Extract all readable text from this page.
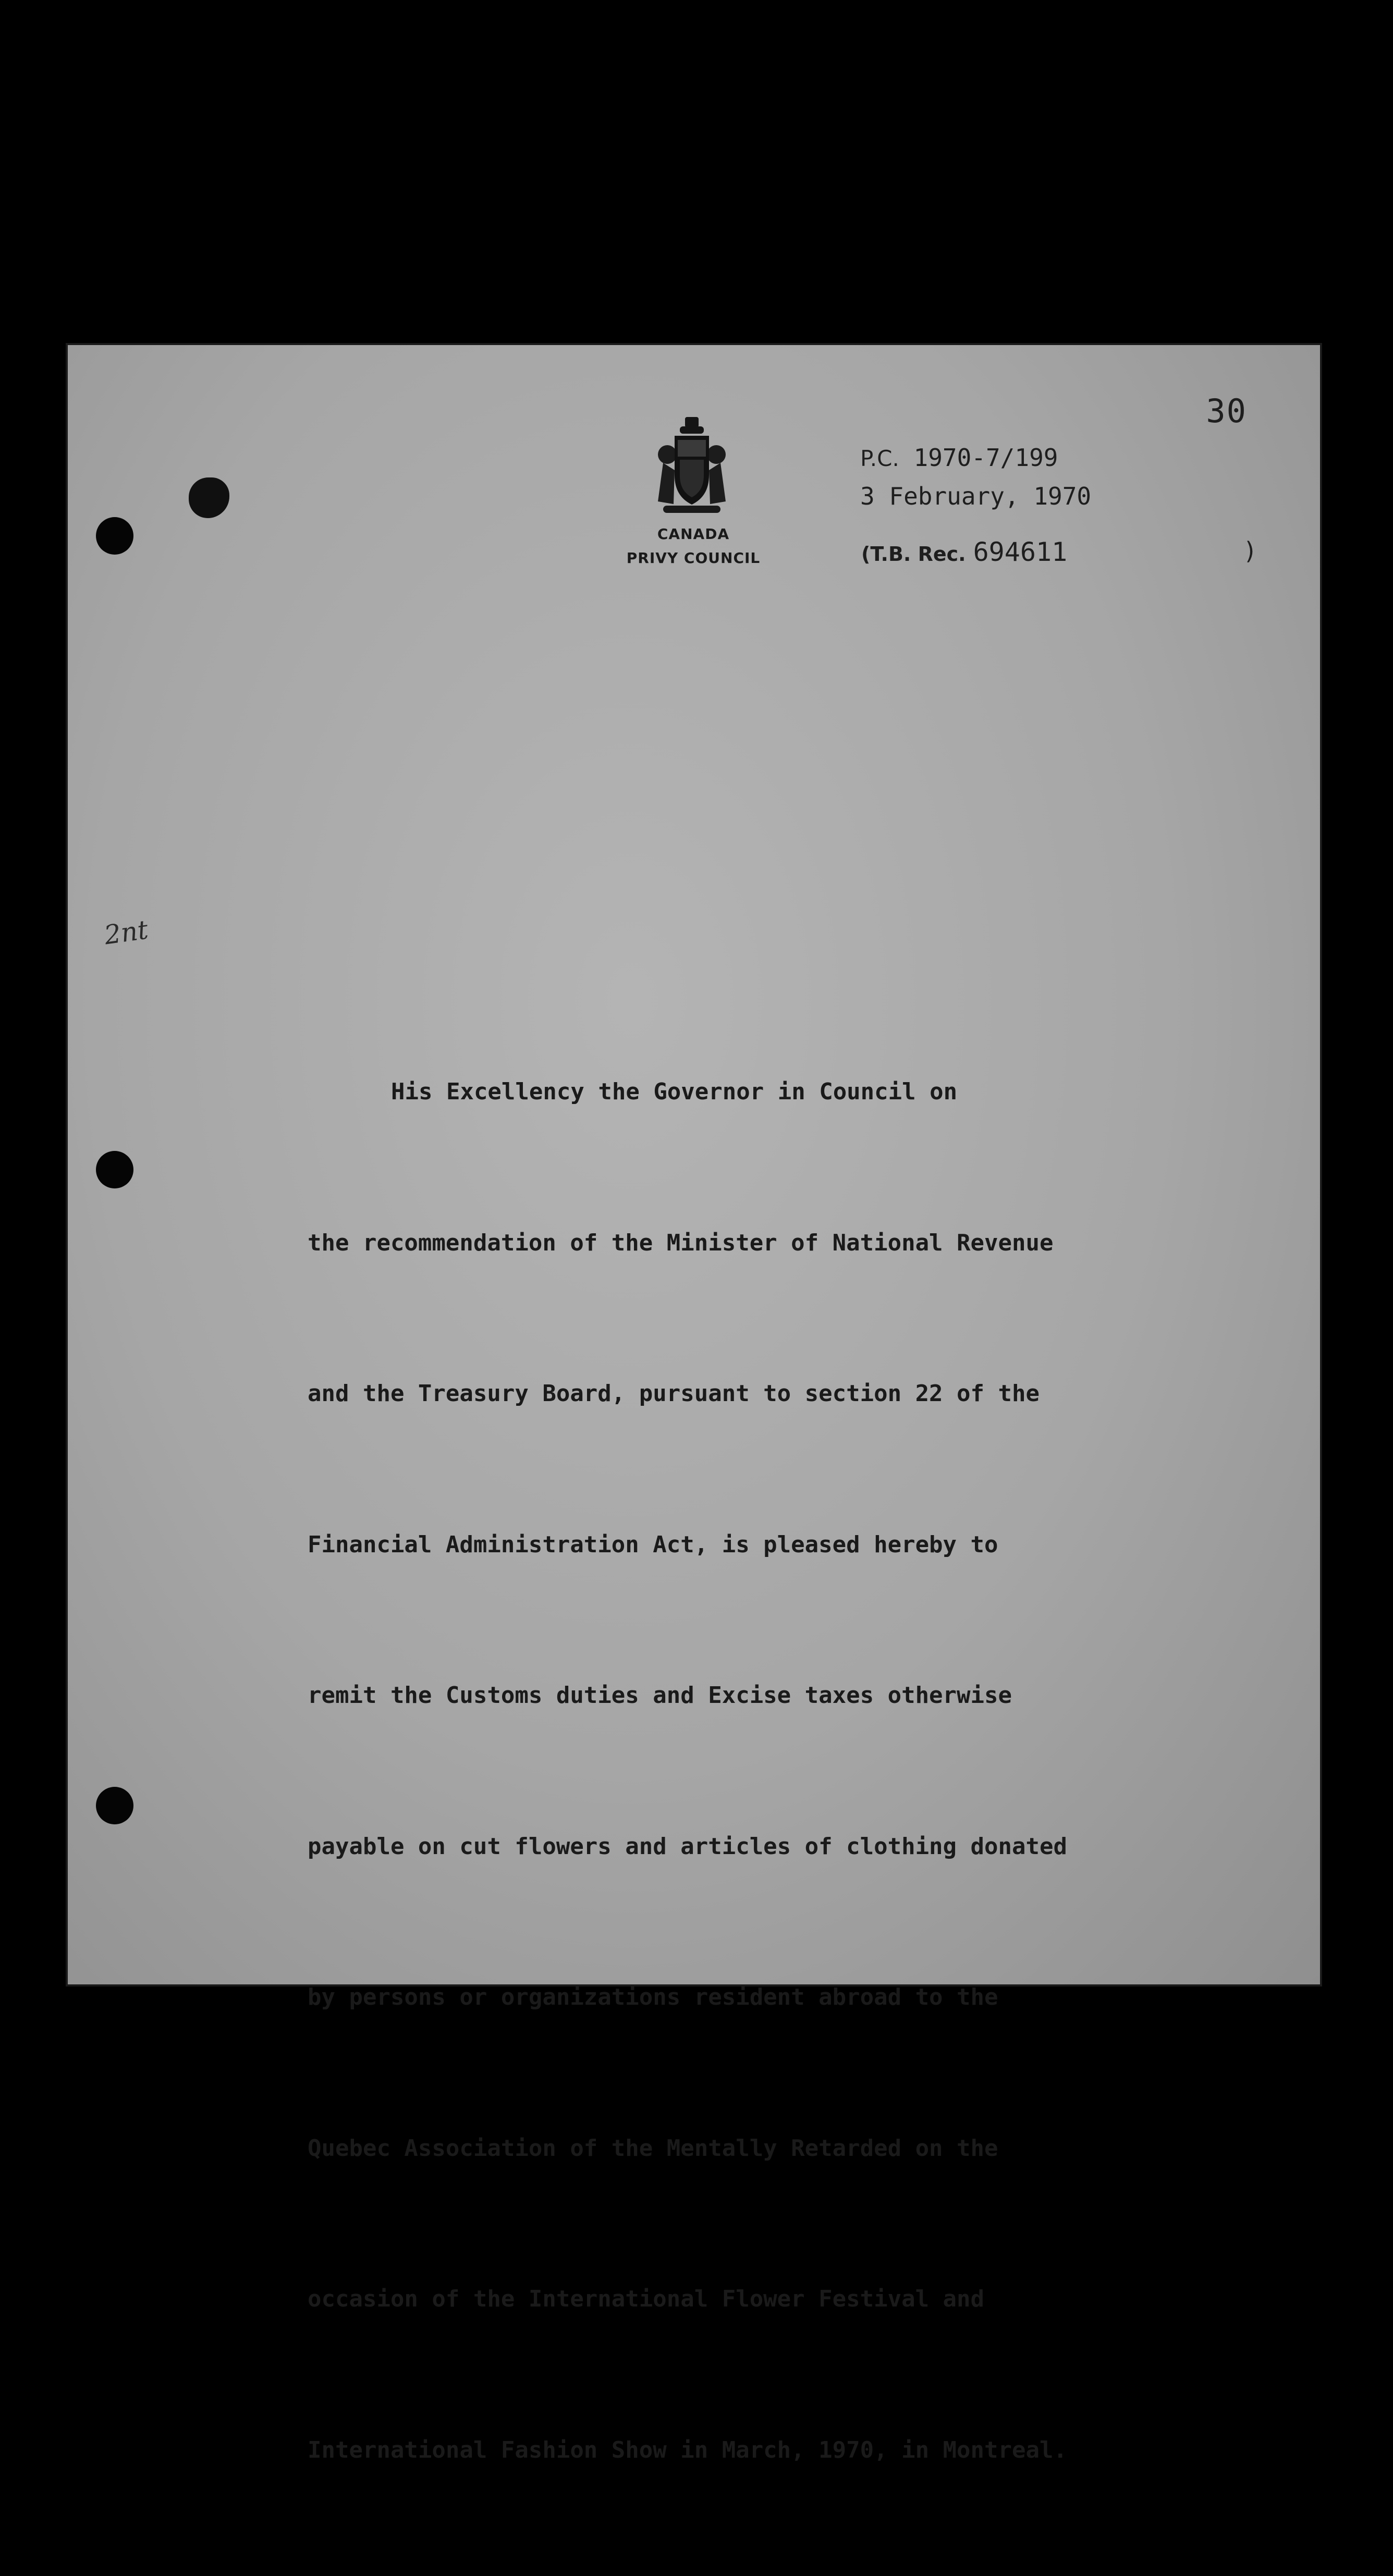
30
CANADA
PRIVY COUNCIL
P.C. 1970-7/199
3 February, 1970
(T.B. Rec. 694611	)
2nt

His Excellency the Governor in Council on

the recommendation of the Minister of National Revenue

and the Treasury Board, pursuant to section 22 of the

Financial Administration Act, is pleased hereby to

remit the Customs duties and Excise taxes otherwise

payable on cut flowers and articles of clothing donated

by persons or organizations resident abroad to the

Quebec Association of the Mentally Retarded on the

occasion of the International Flower Festival and

International Fashion Show in March, 1970, in Montreal.
